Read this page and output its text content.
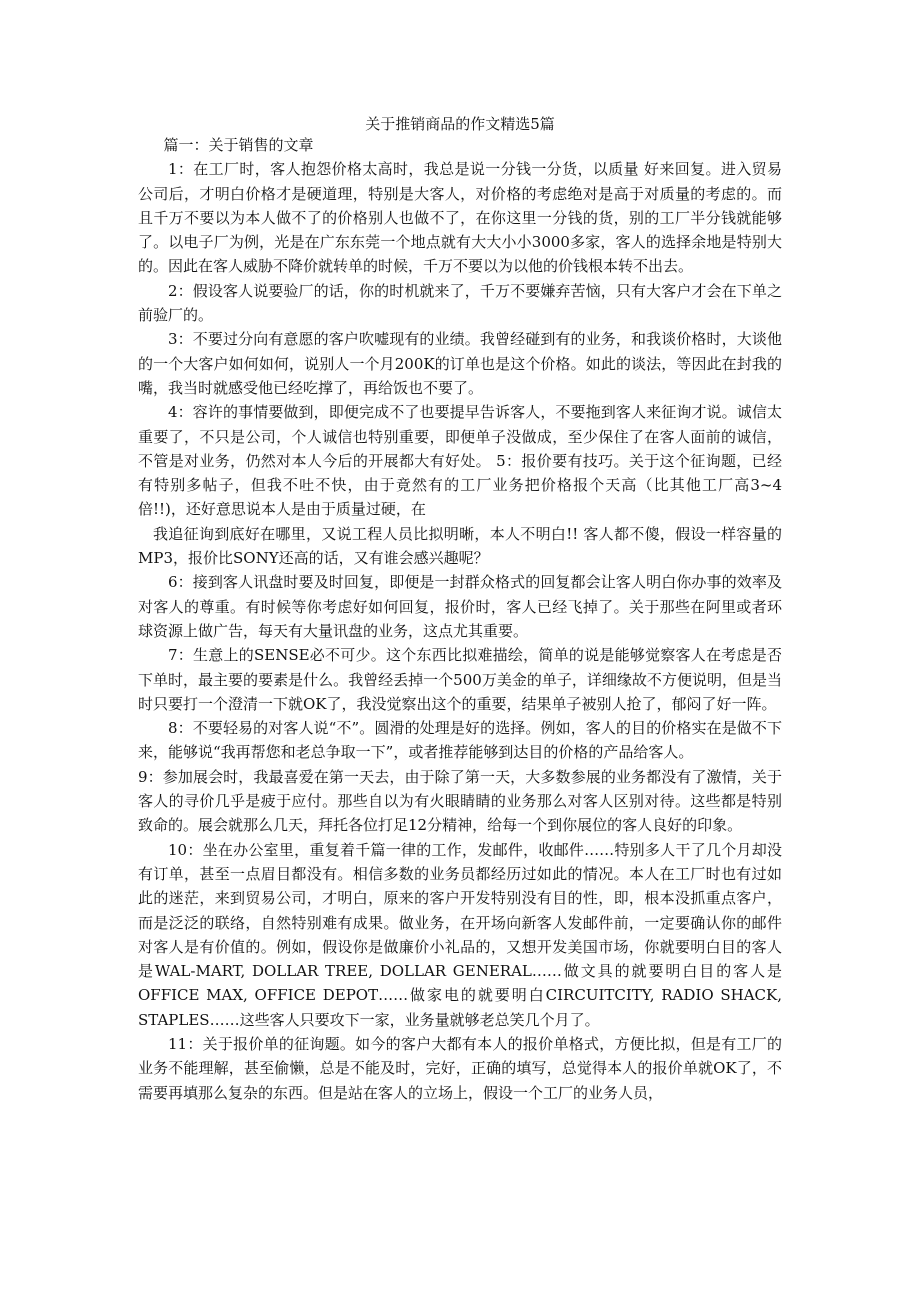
关于推销商品的作文精选5篇

篇一：关于销售的文章

1：在工厂时，客人抱怨价格太高时，我总是说一分钱一分货，以质量 好来回复。进入贸易公司后，才明白价格才是硬道理，特别是大客人，对价格的考虑绝对是高于对质量的考虑的。而且千万不要以为本人做不了的价格别人也做不了，在你这里一分钱的货，别的工厂半分钱就能够了。以电子厂为例，光是在广东东莞一个地点就有大大小小3000多家，客人的选择余地是特别大的。因此在客人威胁不降价就转单的时候，千万不要以为以他的价钱根本转不出去。

2：假设客人说要验厂的话，你的时机就来了，千万不要嫌弃苦恼，只有大客户才会在下单之前验厂的。

3：不要过分向有意愿的客户吹嘘现有的业绩。我曾经碰到有的业务，和我谈价格时，大谈他的一个大客户如何如何，说别人一个月200K的订单也是这个价格。如此的谈法，等因此在封我的嘴，我当时就感受他已经吃撑了，再给饭也不要了。

4：容许的事情要做到，即便完成不了也要提早告诉客人，不要拖到客人来征询才说。诚信太重要了，不只是公司，个人诚信也特别重要，即便单子没做成，至少保住了在客人面前的诚信，不管是对业务，仍然对本人今后的开展都大有好处。 5：报价要有技巧。关于这个征询题，已经有特别多帖子，但我不吐不快，由于竟然有的工厂业务把价格报个天高（比其他工厂高3~4倍!!)，还好意思说本人是由于质量过硬，在

我追征询到底好在哪里，又说工程人员比拟明晰，本人不明白!! 客人都不傻，假设一样容量的MP3，报价比SONY还高的话，又有谁会感兴趣呢？

6：接到客人讯盘时要及时回复，即便是一封群众格式的回复都会让客人明白你办事的效率及对客人的尊重。有时候等你考虑好如何回复，报价时，客人已经飞掉了。关于那些在阿里或者环球资源上做广告，每天有大量讯盘的业务，这点尤其重要。

7：生意上的SENSE必不可少。这个东西比拟难描绘，简单的说是能够觉察客人在考虑是否下单时，最主要的要素是什么。我曾经丢掉一个500万美金的单子，详细缘故不方便说明，但是当时只要打一个澄清一下就OK了，我没觉察出这个的重要，结果单子被别人抢了，郁闷了好一阵。

8：不要轻易的对客人说“不”。圆滑的处理是好的选择。例如，客人的目的价格实在是做不下来，能够说“我再帮您和老总争取一下”，或者推荐能够到达目的价格的产品给客人。

9：参加展会时，我最喜爱在第一天去，由于除了第一天，大多数参展的业务都没有了激情，关于客人的寻价几乎是疲于应付。那些自以为有火眼睛睛的业务那么对客人区别对待。这些都是特别致命的。展会就那么几天，拜托各位打足12分精神，给每一个到你展位的客人良好的印象。

10：坐在办公室里，重复着千篇一律的工作，发邮件，收邮件……特别多人干了几个月却没有订单，甚至一点眉目都没有。相信多数的业务员都经历过如此的情况。本人在工厂时也有过如此的迷茫，来到贸易公司，才明白，原来的客户开发特别没有目的性，即，根本没抓重点客户，而是泛泛的联络，自然特别难有成果。做业务，在开场向新客人发邮件前，一定要确认你的邮件对客人是有价值的。例如，假设你是做廉价小礼品的，又想开发美国市场，你就要明白目的客人是WAL-MART, DOLLAR TREE, DOLLAR GENERAL……做文具的就要明白目的客人是OFFICE MAX, OFFICE DEPOT……做家电的就要明白CIRCUITCITY, RADIO SHACK, STAPLES……这些客人只要攻下一家，业务量就够老总笑几个月了。

11：关于报价单的征询题。如今的客户大都有本人的报价单格式，方便比拟，但是有工厂的业务不能理解，甚至偷懒，总是不能及时，完好，正确的填写，总觉得本人的报价单就OK了，不需要再填那么复杂的东西。但是站在客人的立场上，假设一个工厂的业务人员，
